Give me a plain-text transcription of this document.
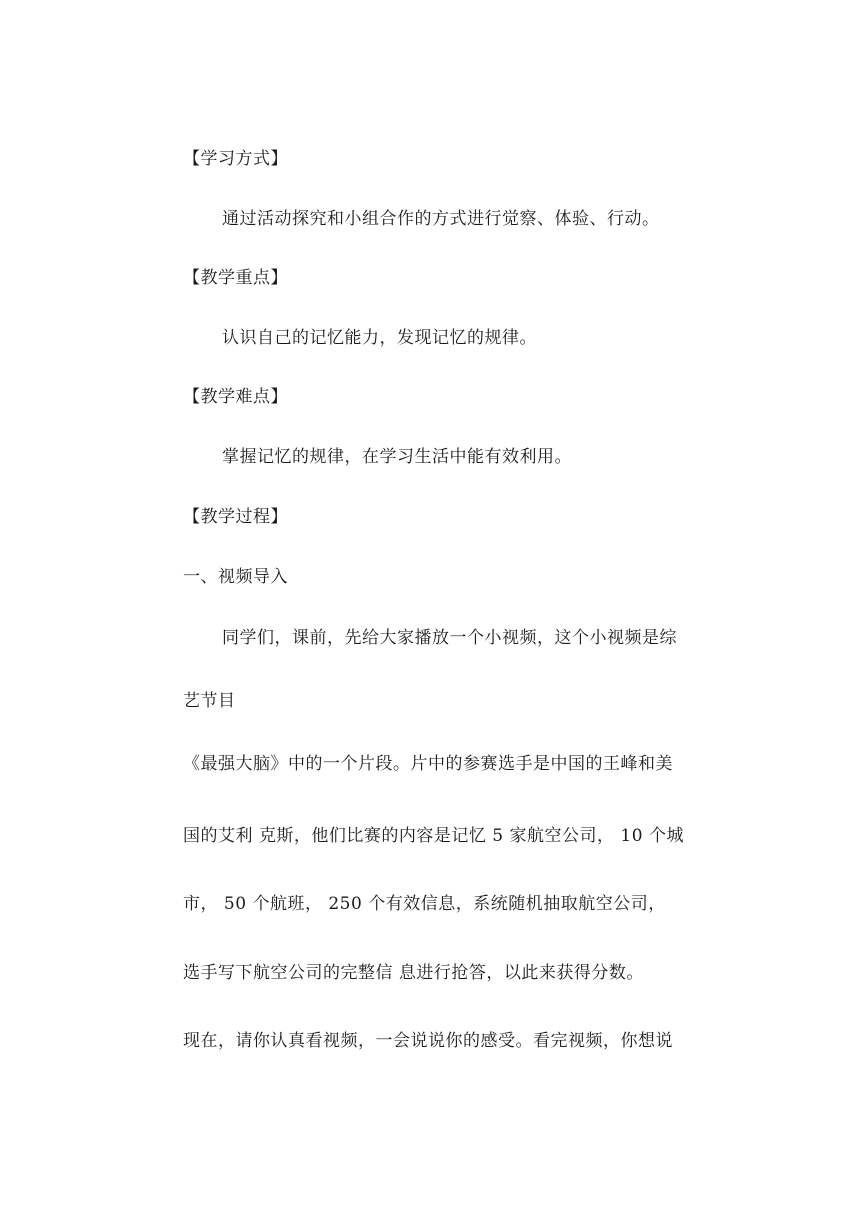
【学习方式】
通过活动探究和小组合作的方式进行觉察、体验、行动。
【教学重点】
认识自己的记忆能力，发现记忆的规律。
【教学难点】
掌握记忆的规律，在学习生活中能有效利用。
【教学过程】
一、视频导入
同学们，课前，先给大家播放一个小视频，这个小视频是综
艺节目
《最强大脑》中的一个片段。片中的参赛选手是中国的王峰和美
国的艾利 克斯，他们比赛的内容是记忆 5 家航空公司， 10 个城
市， 50 个航班， 250 个有效信息，系统随机抽取航空公司，
选手写下航空公司的完整信 息进行抢答，以此来获得分数。
现在，请你认真看视频，一会说说你的感受。看完视频，你想说
